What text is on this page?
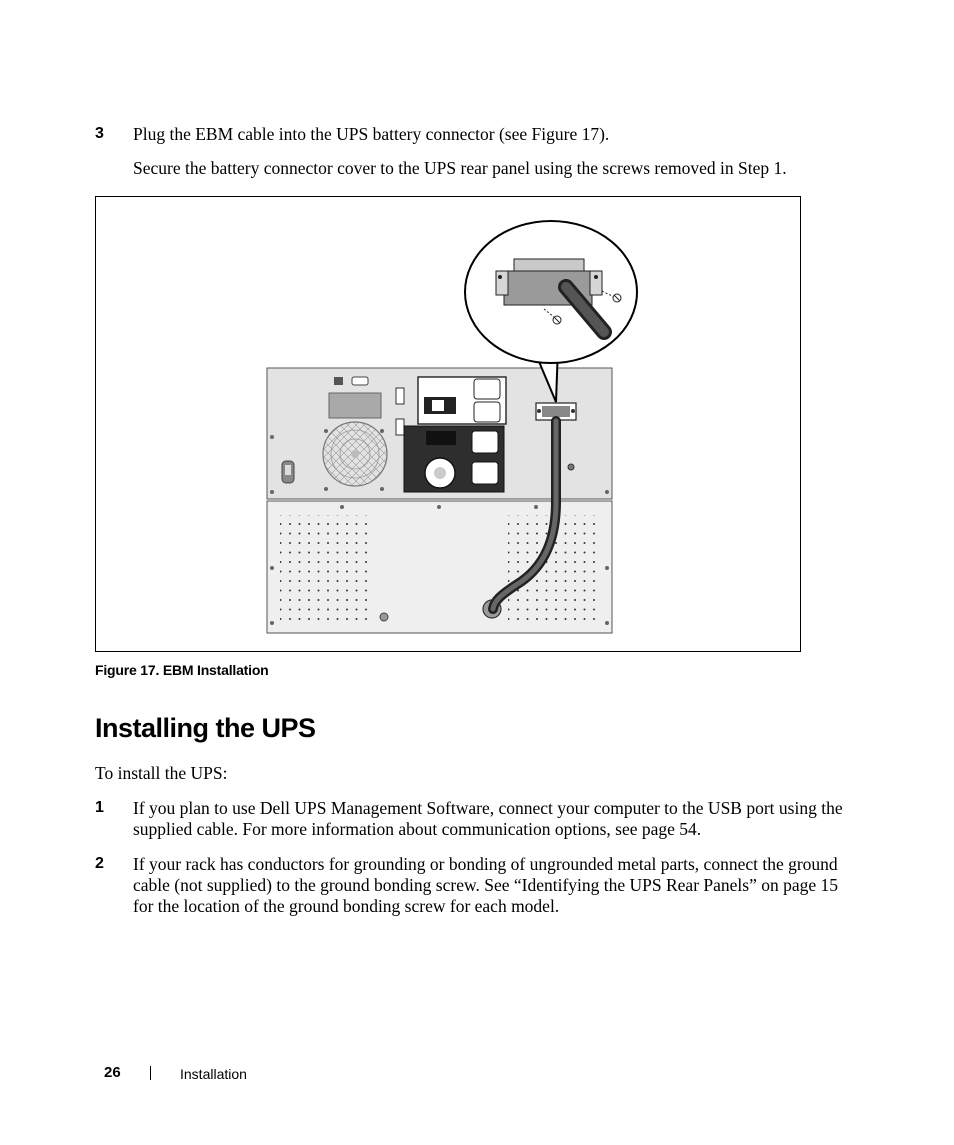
3 Plug the EBM cable into the UPS battery connector (see Figure 17).
Secure the battery connector cover to the UPS rear panel using the screws removed in Step 1.
Figure 17. EBM Installation
Installing the UPS
To install the UPS:
1 If you plan to use Dell UPS Management Software, connect your computer to the USB port using the supplied cable. For more information about communication options, see page 54.
2 If your rack has conductors for grounding or bonding of ungrounded metal parts, connect the ground cable (not supplied) to the ground bonding screw. See “Identifying the UPS Rear Panels” on page 15 for the location of the ground bonding screw for each model.
26	Installation
